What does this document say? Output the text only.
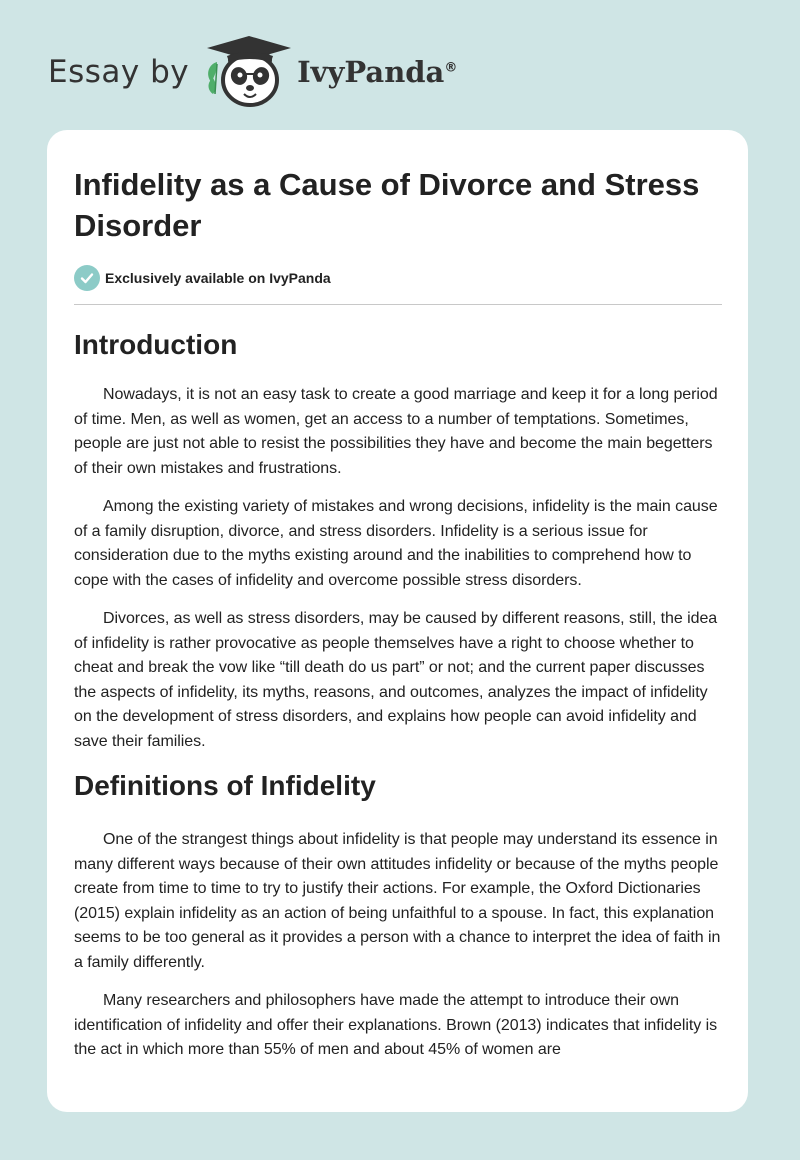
Essay by	IvyPanda®
Infidelity as a Cause of Divorce and Stress Disorder
Exclusively available on IvyPanda
Introduction

Nowadays, it is not an easy task to create a good marriage and keep it for a long period of time. Men, as well as women, get an access to a number of temptations. Sometimes, people are just not able to resist the possibilities they have and become the main begetters of their own mistakes and frustrations.

Among the existing variety of mistakes and wrong decisions, infidelity is the main cause of a family disruption, divorce, and stress disorders. Infidelity is a serious issue for consideration due to the myths existing around and the inabilities to comprehend how to cope with the cases of infidelity and overcome possible stress disorders.

Divorces, as well as stress disorders, may be caused by different reasons, still, the idea of infidelity is rather provocative as people themselves have a right to choose whether to cheat and break the vow like “till death do us part” or not; and the current paper discusses the aspects of infidelity, its myths, reasons, and outcomes, analyzes the impact of infidelity on the development of stress disorders, and explains how people can avoid infidelity and save their families.

Definitions of Infidelity

One of the strangest things about infidelity is that people may understand its essence in many different ways because of their own attitudes infidelity or because of the myths people create from time to time to try to justify their actions. For example, the Oxford Dictionaries (2015) explain infidelity as an action of being unfaithful to a spouse. In fact, this explanation seems to be too general as it provides a person with a chance to interpret the idea of faith in a family differently.

Many researchers and philosophers have made the attempt to introduce their own identification of infidelity and offer their explanations. Brown (2013) indicates that infidelity is the act in which more than 55% of men and about 45% of women are
